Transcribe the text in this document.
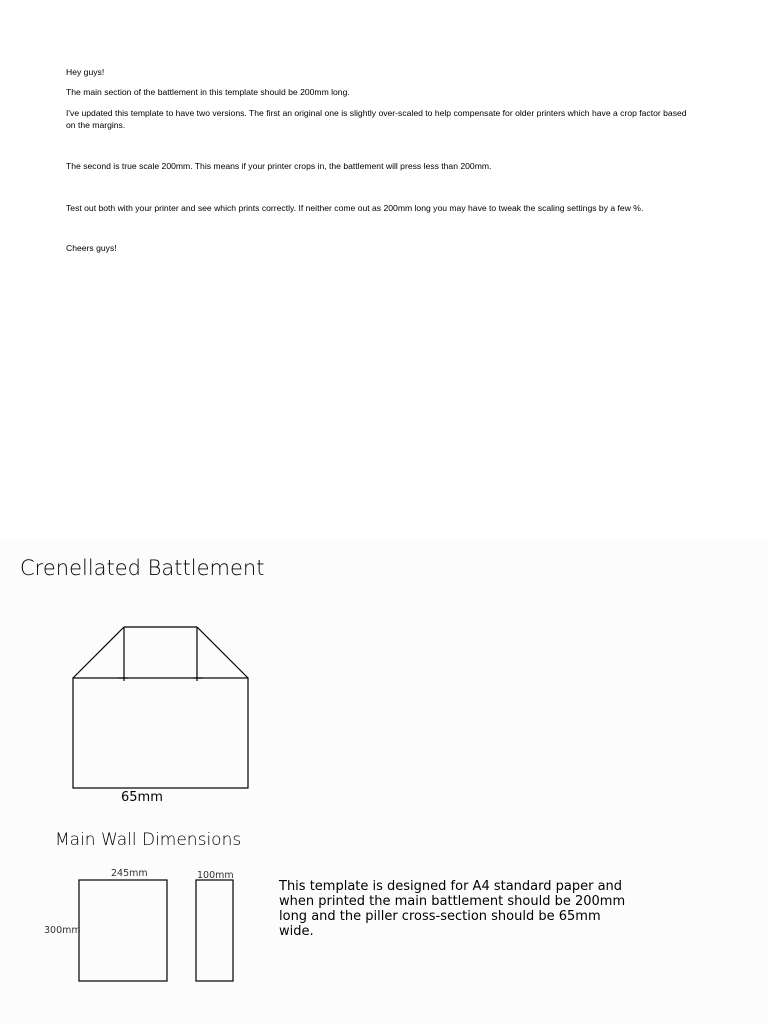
Hey guys!

The main section of the battlement in this template should be 200mm long.

I've updated this template to have two versions. The first an original one is slightly over-scaled to help compensate for older printers which have a crop factor based on the margins.

The second is true scale 200mm. This means if your printer crops in, the battlement will press less than 200mm.

Test out both with your printer and see which prints correctly. If neither come out as 200mm long you may have to tweak the scaling settings by a few %.

Cheers guys!

Crenellated Battlement
65mm
Main Wall Dimensions
245mm	100mm
300mm

This template is designed for A4 standard paper and when printed the main battlement should be 200mm long and the piller cross-section should be 65mm wide.
